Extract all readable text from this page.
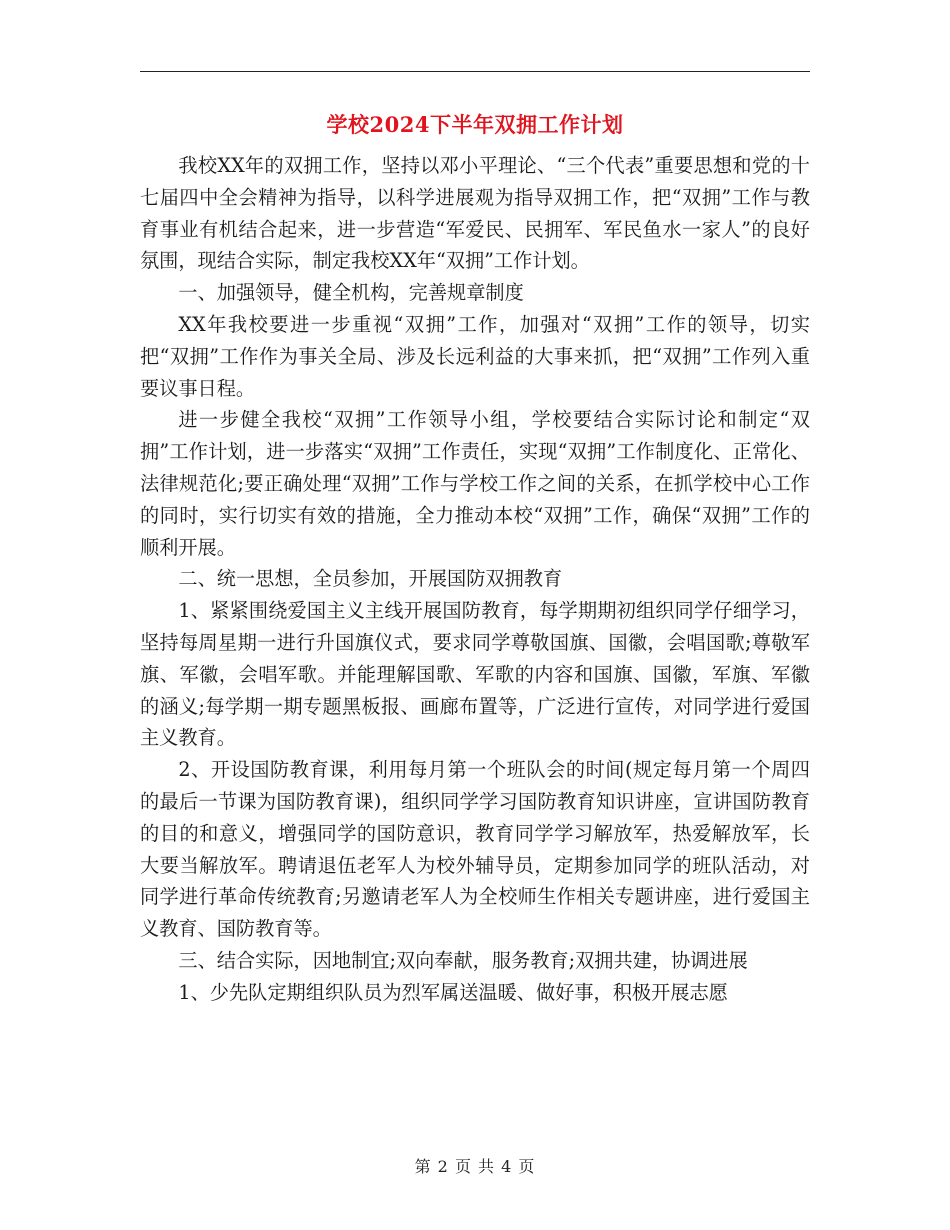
学校2024下半年双拥工作计划

我校XX年的双拥工作，坚持以邓小平理论、“三个代表”重要思想和党的十七届四中全会精神为指导，以科学进展观为指导双拥工作，把“双拥”工作与教育事业有机结合起来，进一步营造“军爱民、民拥军、军民鱼水一家人”的良好氛围，现结合实际，制定我校XX年“双拥”工作计划。

一、加强领导，健全机构，完善规章制度

XX年我校要进一步重视“双拥”工作，加强对“双拥”工作的领导，切实把“双拥”工作作为事关全局、涉及长远利益的大事来抓，把“双拥”工作列入重要议事日程。

进一步健全我校“双拥”工作领导小组，学校要结合实际讨论和制定“双拥”工作计划，进一步落实“双拥”工作责任，实现“双拥”工作制度化、正常化、法律规范化;要正确处理“双拥”工作与学校工作之间的关系，在抓学校中心工作的同时，实行切实有效的措施，全力推动本校“双拥”工作，确保“双拥”工作的顺利开展。

二、统一思想，全员参加，开展国防双拥教育

1、紧紧围绕爱国主义主线开展国防教育，每学期期初组织同学仔细学习，坚持每周星期一进行升国旗仪式，要求同学尊敬国旗、国徽，会唱国歌;尊敬军旗、军徽，会唱军歌。并能理解国歌、军歌的内容和国旗、国徽，军旗、军徽的涵义;每学期一期专题黑板报、画廊布置等，广泛进行宣传，对同学进行爱国主义教育。

2、开设国防教育课，利用每月第一个班队会的时间(规定每月第一个周四的最后一节课为国防教育课)，组织同学学习国防教育知识讲座，宣讲国防教育的目的和意义，增强同学的国防意识，教育同学学习解放军，热爱解放军，长大要当解放军。聘请退伍老军人为校外辅导员，定期参加同学的班队活动，对同学进行革命传统教育;另邀请老军人为全校师生作相关专题讲座，进行爱国主义教育、国防教育等。

三、结合实际，因地制宜;双向奉献，服务教育;双拥共建，协调进展

1、少先队定期组织队员为烈军属送温暖、做好事，积极开展志愿

第 2 页 共 4 页
